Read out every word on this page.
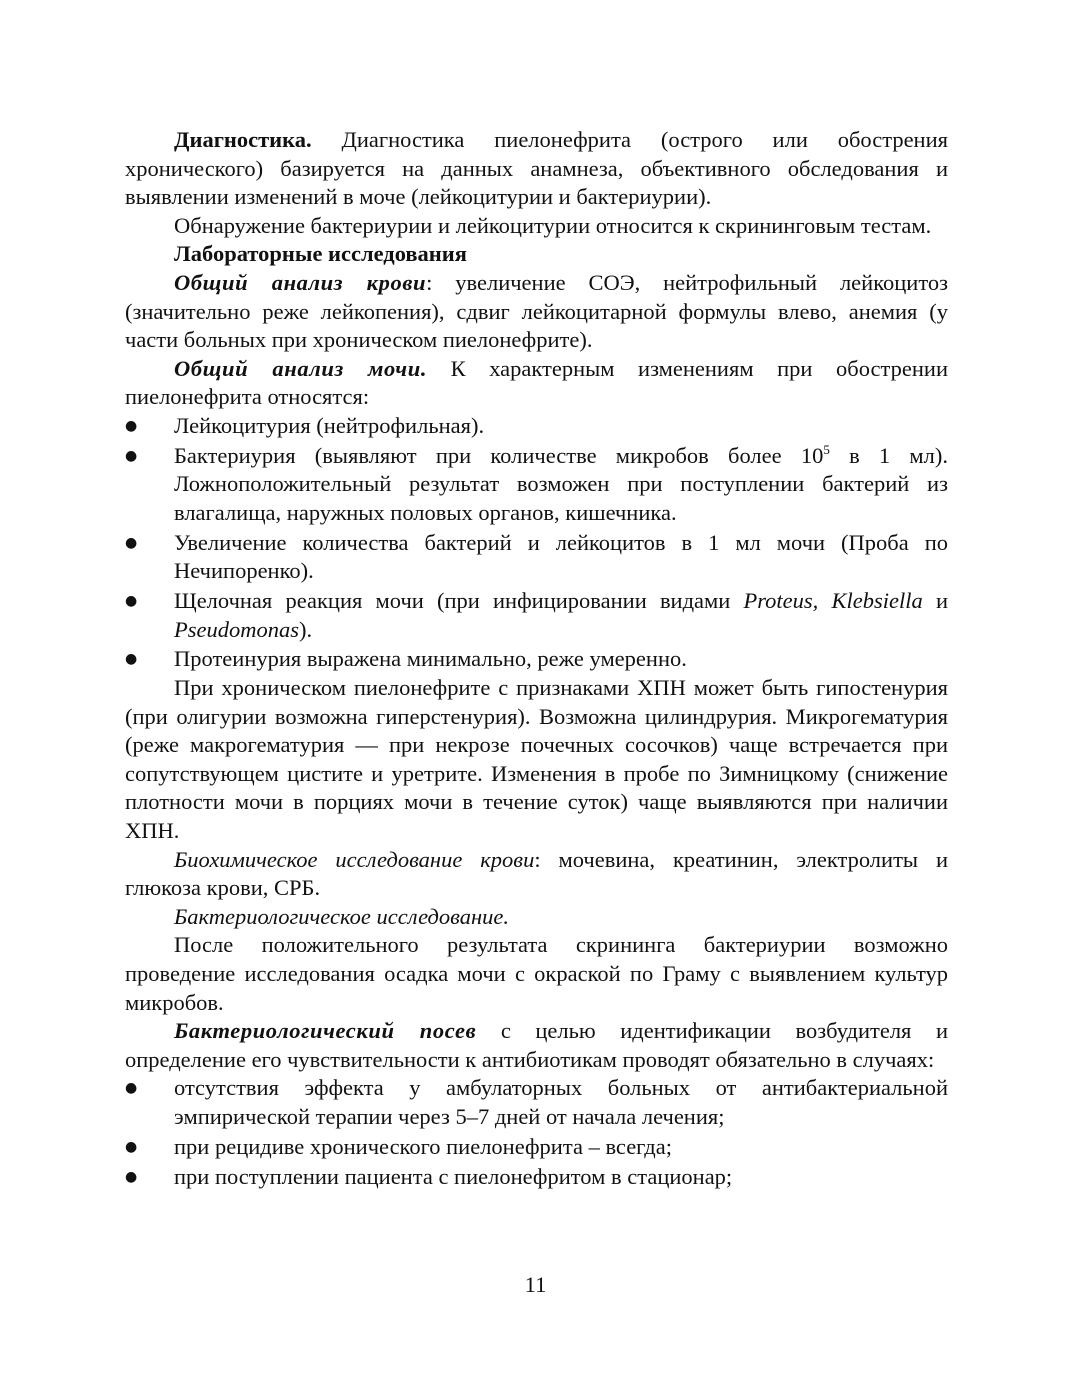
Диагностика. Диагностика пиелонефрита (острого или обострения хронического) базируется на данных анамнеза, объективного обследования и выявлении изменений в моче (лейкоцитурии и бактериурии).

Обнаружение бактериурии и лейкоцитурии относится к скрининговым тестам.

Лабораторные исследования

Общий анализ крови: увеличение СОЭ, нейтрофильный лейкоцитоз (значительно реже лейкопения), сдвиг лейкоцитарной формулы влево, анемия (у части больных при хроническом пиелонефрите).

Общий анализ мочи. К характерным изменениям при обострении пиелонефрита относятся:

●
Лейкоцитурия (нейтрофильная).
●
Бактериурия (выявляют при количестве микробов более $10^5$ в 1 мл). Ложноположительный результат возможен при поступлении бактерий из влагалища, наружных половых органов, кишечника.
●
Увеличение количества бактерий и лейкоцитов в 1 мл мочи (Проба по Нечипоренко).
●
Щелочная реакция мочи (при инфицировании видами Proteus, Klebsiella и Pseudomonas).
●
Протеинурия выражена минимально, реже умеренно.

При хроническом пиелонефрите с признаками ХПН может быть гипостенурия (при олигурии возможна гиперстенурия). Возможна цилиндрурия. Микрогематурия (реже макрогематурия — при некрозе почечных сосочков) чаще встречается при сопутствующем цистите и уретрите. Изменения в пробе по Зимницкому (снижение плотности мочи в порциях мочи в течение суток) чаще выявляются при наличии ХПН.

Биохимическое исследование крови: мочевина, креатинин, электролиты и глюкоза крови, СРБ.

Бактериологическое исследование.

После положительного результата скрининга бактериурии возможно проведение исследования осадка мочи с окраской по Граму с выявлением культур микробов.

Бактериологический посев с целью идентификации возбудителя и определение его чувствительности к антибиотикам проводят обязательно в случаях:

●
отсутствия эффекта у амбулаторных больных от антибактериальной эмпирической терапии через 5–7 дней от начала лечения;
●
при рецидиве хронического пиелонефрита – всегда;
●
при поступлении пациента с пиелонефритом в стационар;
11
